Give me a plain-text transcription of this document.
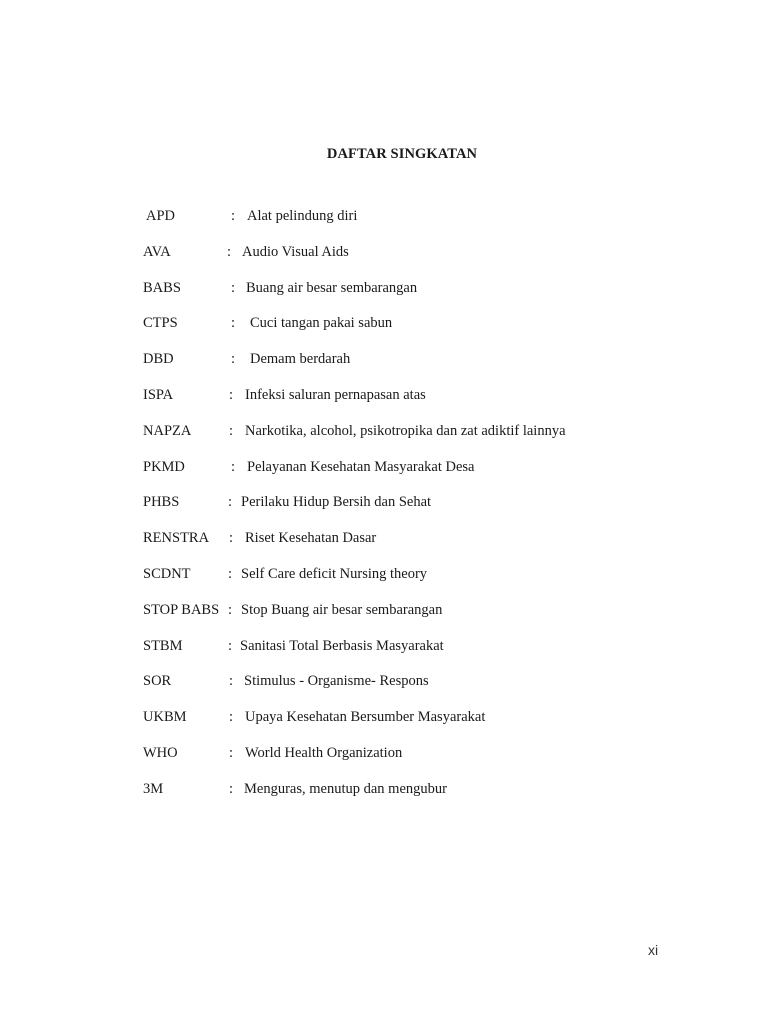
DAFTAR SINGKATAN
APD	: Alat pelindung diri
AVA	: Audio Visual Aids
BABS	: Buang air besar sembarangan
CTPS	: Cuci tangan pakai sabun
DBD	: Demam berdarah
ISPA	: Infeksi saluran pernapasan atas
NAPZA	: Narkotika, alcohol, psikotropika dan zat adiktif lainnya
PKMD	: Pelayanan Kesehatan Masyarakat Desa
PHBS	: Perilaku Hidup Bersih dan Sehat
RENSTRA : Riset Kesehatan Dasar
SCDNT	: Self Care deficit Nursing theory
STOP BABS : Stop Buang air besar sembarangan
STBM	: Sanitasi Total Berbasis Masyarakat
SOR	: Stimulus - Organisme- Respons
UKBM	: Upaya Kesehatan Bersumber Masyarakat
WHO	: World Health Organization
3M	: Menguras, menutup dan mengubur
xi
